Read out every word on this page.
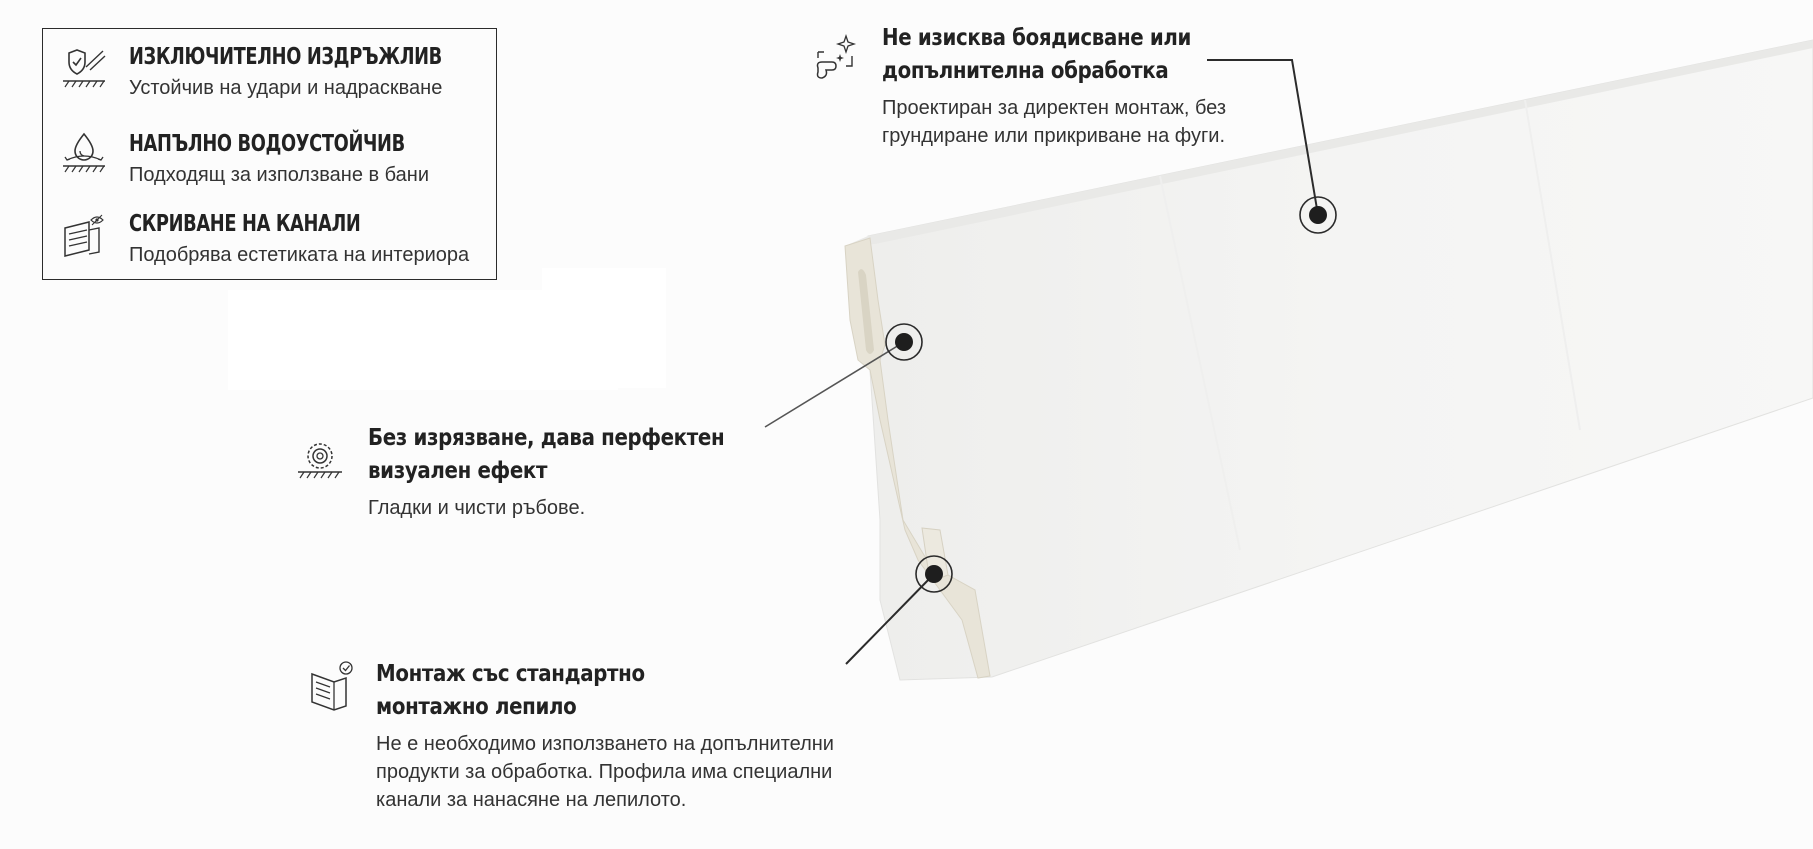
ИЗКЛЮЧИТЕЛНО ИЗДРЪЖЛИВ
Устойчив на удари и надраскване
НАПЪЛНО ВОДОУСТОЙЧИВ
Подходящ за използване в бани
СКРИВАНЕ НА КАНАЛИ
Подобрява естетиката на интериора
Не изисква боядисване или
допълнителна обработка
Проектиран за директен монтаж, без
грундиране или прикриване на фуги.
Без изрязване, дава перфектен
визуален ефект
Гладки и чисти ръбове.
Монтаж със стандартно
монтажно лепило
Не е необходимо използването на допълнителни
продукти за обработка. Профила има специални
канали за нанасяне на лепилото.
